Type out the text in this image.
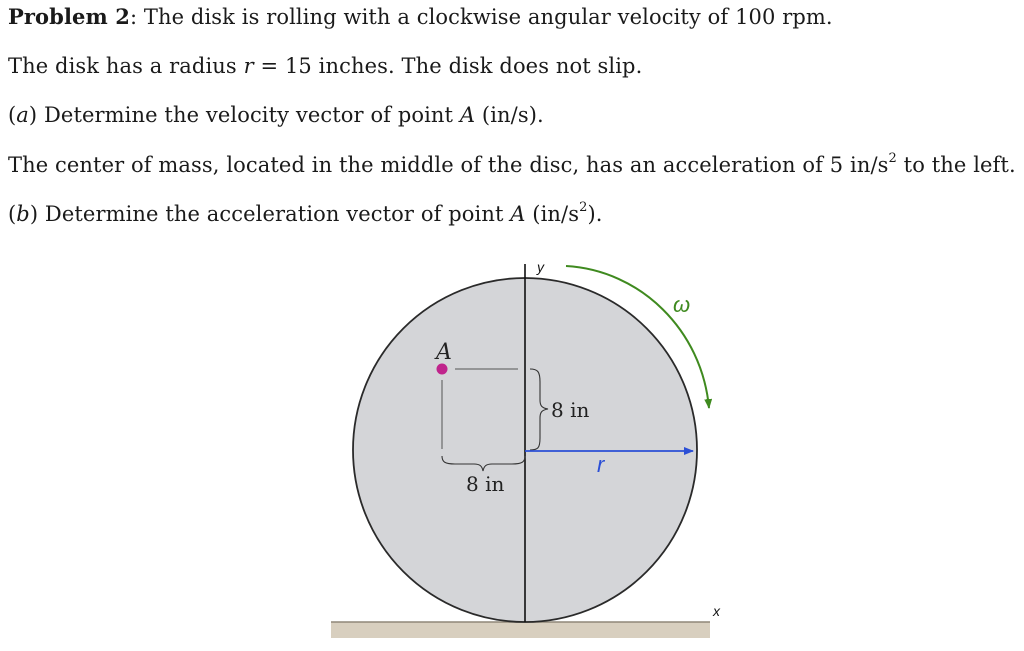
Problem 2: The disk is rolling with a clockwise angular velocity of 100 rpm.
The disk has a radius r = 15 inches. The disk does not slip.
(a) Determine the velocity vector of point A (in/s).
The center of mass, located in the middle of the disc, has an acceleration of 5 $in/s^2$ to the left.
(b) Determine the acceleration vector of point A $(in/s^2)$.
y
x
A
8 in
8 in
r
ω
